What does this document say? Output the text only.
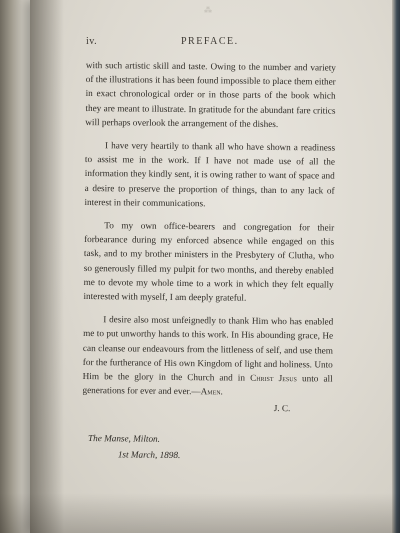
iv.	PREFACE.
⁂

with such artistic skill and taste. Owing to the number and variety of the illustrations it has been found impossible to place them either in exact chronological order or in those parts of the book which they are meant to illustrate. In gratitude for the abundant fare critics will perhaps overlook the arrangement of the dishes.

I have very heartily to thank all who have shown a readiness to assist me in the work. If I have not made use of all the information they kindly sent, it is owing rather to want of space and a desire to preserve the proportion of things, than to any lack of interest in their communications.

To my own office-bearers and congregation for their forbearance during my enforced absence while engaged on this task, and to my brother ministers in the Presbytery of Clutha, who so generously filled my pulpit for two months, and thereby enabled me to devote my whole time to a work in which they felt equally interested with myself, I am deeply grateful.

I desire also most unfeignedly to thank Him who has enabled me to put unworthy hands to this work. In His abounding grace, He can cleanse our endeavours from the littleness of self, and use them for the furtherance of His own Kingdom of light and holiness. Unto Him be the glory in the Church and in Christ Jesus unto all generations for ever and ever.—Amen.

J. C.
The Manse, Milton.
1st March, 1898.
